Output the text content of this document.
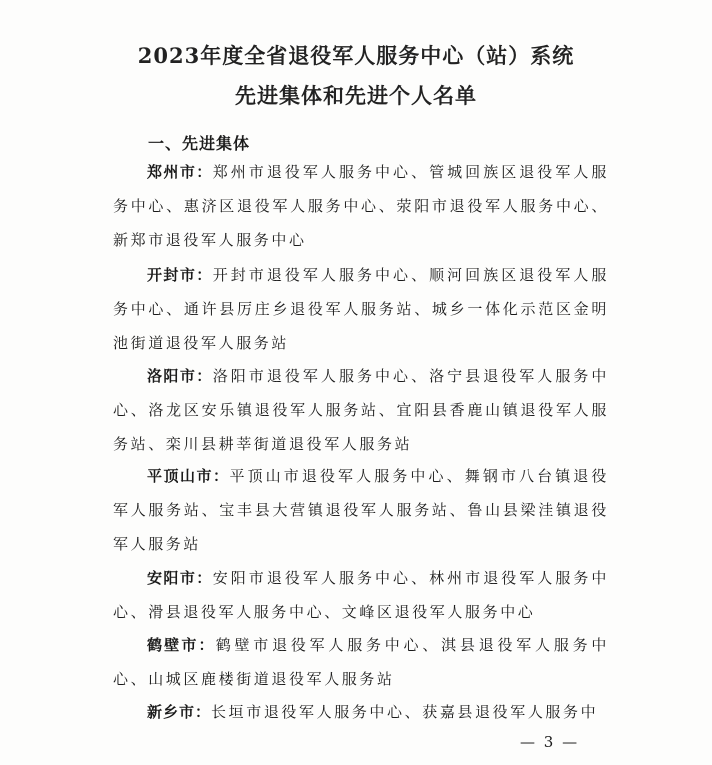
2023年度全省退役军人服务中心（站）系统
先进集体和先进个人名单
一、先进集体

郑州市：郑州市退役军人服务中心、管城回族区退役军人服务中心、惠济区退役军人服务中心、荥阳市退役军人服务中心、新郑市退役军人服务中心

开封市：开封市退役军人服务中心、顺河回族区退役军人服务中心、通许县厉庄乡退役军人服务站、城乡一体化示范区金明池街道退役军人服务站

洛阳市：洛阳市退役军人服务中心、洛宁县退役军人服务中心、洛龙区安乐镇退役军人服务站、宜阳县香鹿山镇退役军人服务站、栾川县耕莘街道退役军人服务站

平顶山市：平顶山市退役军人服务中心、舞钢市八台镇退役军人服务站、宝丰县大营镇退役军人服务站、鲁山县梁洼镇退役军人服务站

安阳市：安阳市退役军人服务中心、林州市退役军人服务中心、滑县退役军人服务中心、文峰区退役军人服务中心

鹤壁市：鹤壁市退役军人服务中心、淇县退役军人服务中心、山城区鹿楼街道退役军人服务站

新乡市：长垣市退役军人服务中心、获嘉县退役军人服务中

— 3 —
